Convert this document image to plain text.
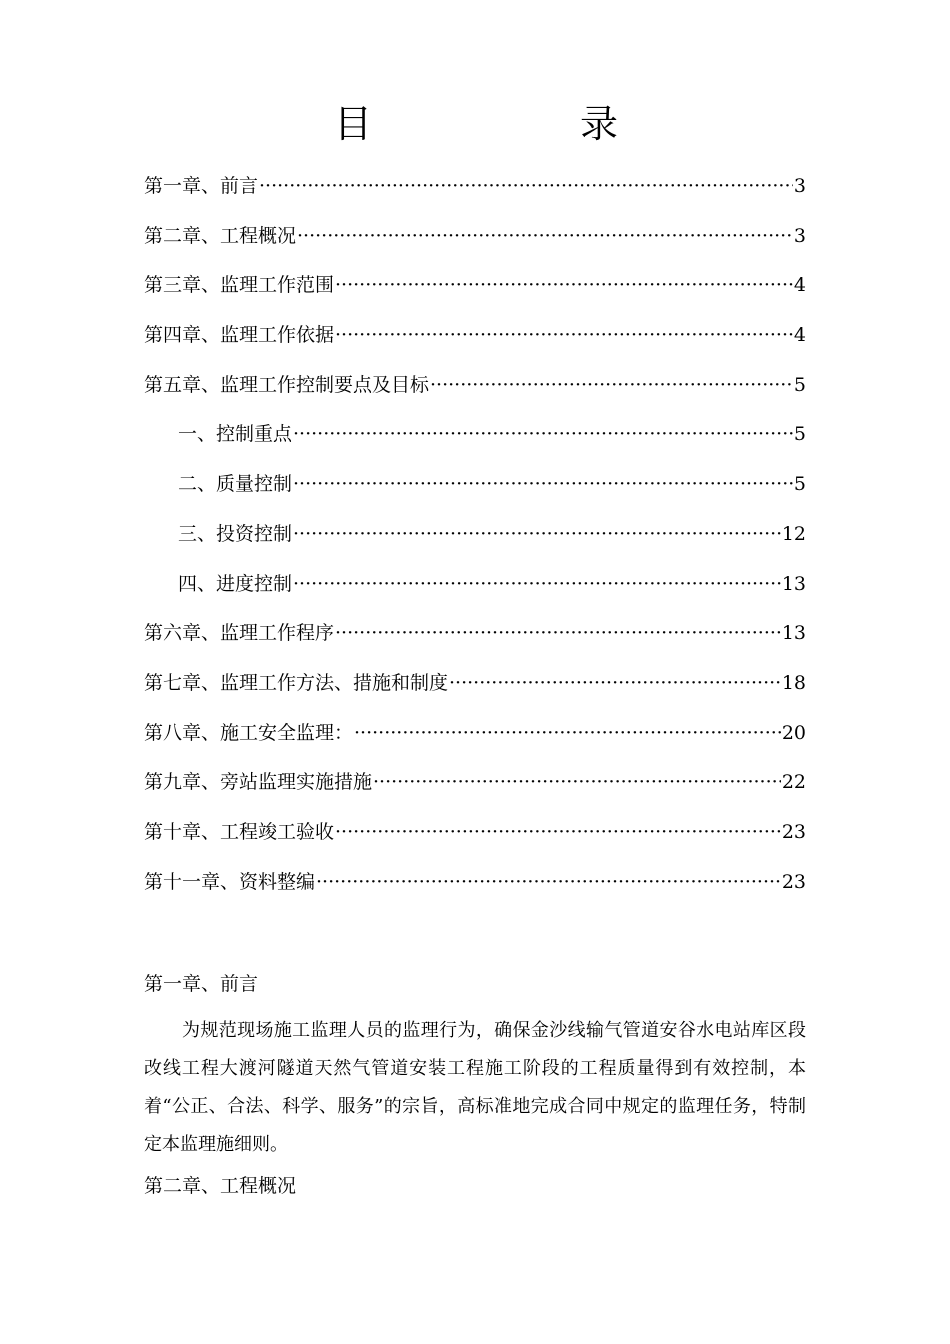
目	录
第一章、前言 ·····	3
第二章、工程概况 ·····	3
第三章、监理工作范围 ·····	4
第四章、监理工作依据 ·····	4
第五章、监理工作控制要点及目标 ·····	5
一、控制重点 ·····	5
二、质量控制 ·····	5
三、投资控制 ·····	12
四、进度控制 ·····	13
第六章、监理工作程序 ·····	13
第七章、监理工作方法、措施和制度 ·····	18
第八章、施工安全监理： ·····	20
第九章、旁站监理实施措施 ·····	22
第十章、工程竣工验收 ·····	23
第十一章、资料整编 ·····	23
第一章、前言

为规范现场施工监理人员的监理行为，确保金沙线输气管道安谷水电站库区段改线工程大渡河隧道天然气管道安装工程施工阶段的工程质量得到有效控制，本着“公正、合法、科学、服务”的宗旨，高标准地完成合同中规定的监理任务，特制定本监理施细则。

第二章、工程概况
